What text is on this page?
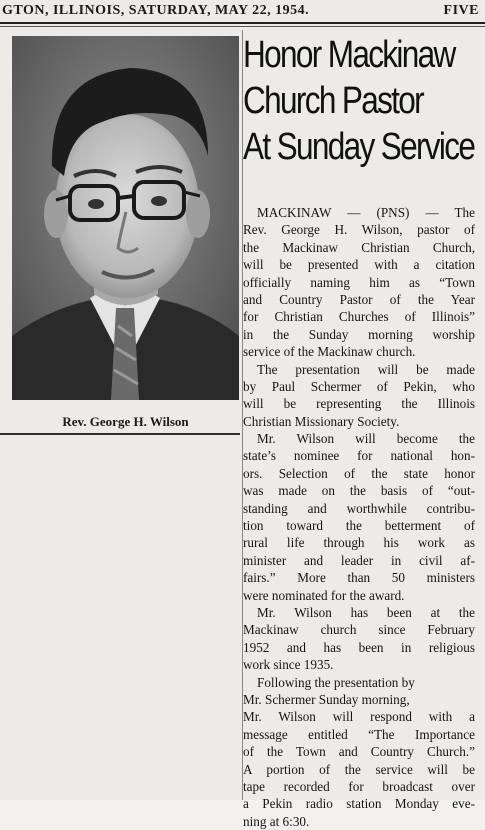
GTON, ILLINOIS, SATURDAY, MAY 22, 1954.	FIVE
Rev. George H. Wilson
Honor Mackinaw
Church Pastor
At Sunday Service
MACKINAW — (PNS) — The
Rev. George H. Wilson, pastor of
the Mackinaw Christian Church,
will be presented with a citation
officially naming him as “Town
and Country Pastor of the Year
for Christian Churches of Illinois”
in the Sunday morning worship
service of the Mackinaw church.
The presentation will be made
by Paul Schermer of Pekin, who
will be representing the Illinois
Christian Missionary Society.
Mr. Wilson will become the
state’s nominee for national hon-
ors. Selection of the state honor
was made on the basis of “out-
standing and worthwhile contribu-
tion toward the betterment of
rural life through his work as
minister and leader in civil af-
fairs.” More than 50 ministers
were nominated for the award.
Mr. Wilson has been at the
Mackinaw church since February
1952 and has been in religious
work since 1935.
Following the presentation by
Mr. Schermer Sunday morning,
Mr. Wilson will respond with a
message entitled “The Importance
of the Town and Country Church.”
A portion of the service will be
tape recorded for broadcast over
a Pekin radio station Monday eve-
ning at 6:30.
